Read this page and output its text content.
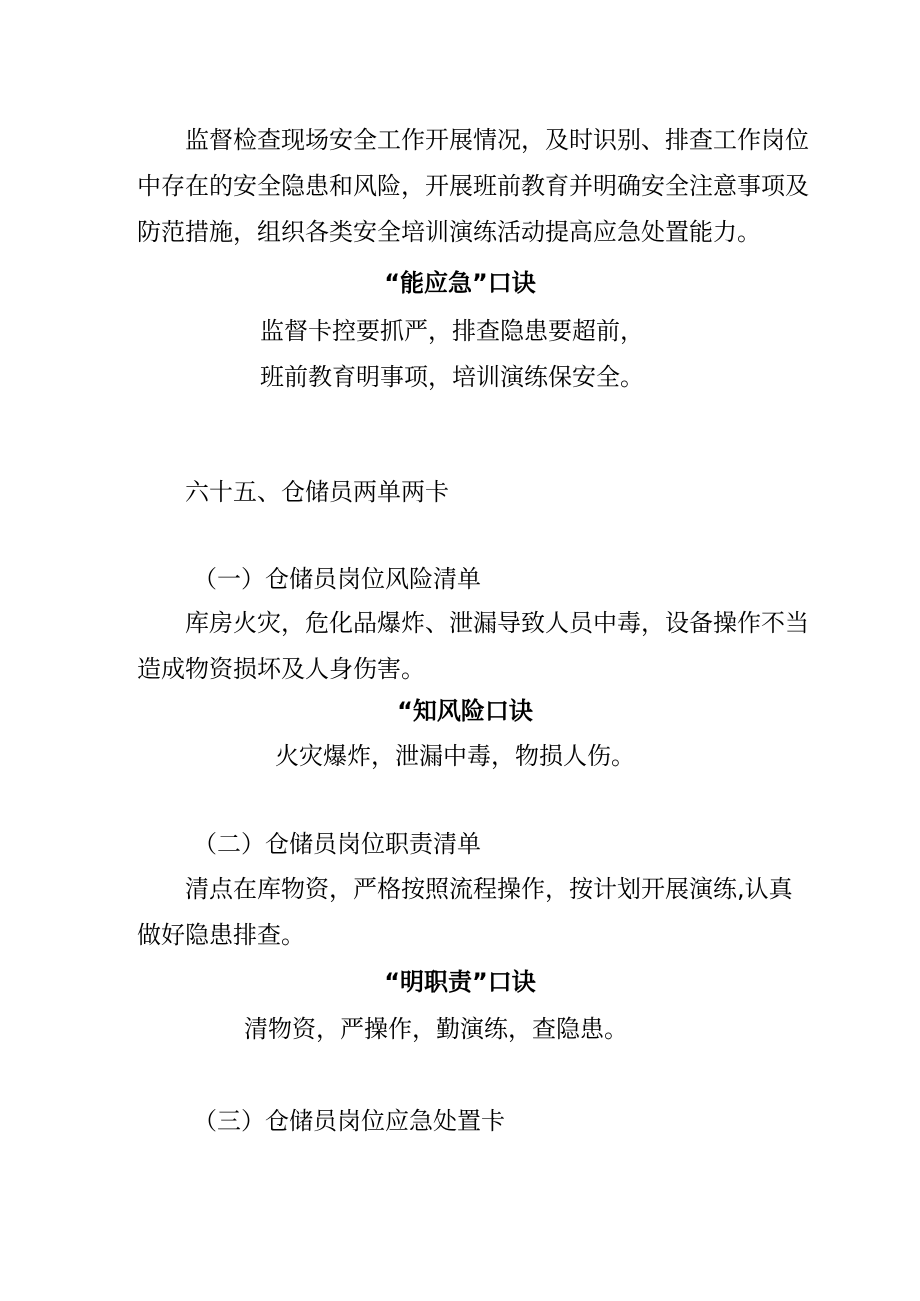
监督检查现场安全工作开展情况，及时识别、排查工作岗位
中存在的安全隐患和风险，开展班前教育并明确安全注意事项及
防范措施，组织各类安全培训演练活动提高应急处置能力。

“能应急”口诀

监督卡控要抓严，排查隐患要超前，

班前教育明事项，培训演练保安全。

六十五、仓储员两单两卡

（一）仓储员岗位风险清单

库房火灾，危化品爆炸、泄漏导致人员中毒，设备操作不当
造成物资损坏及人身伤害。

“知风险口诀

火灾爆炸，泄漏中毒，物损人伤。

（二）仓储员岗位职责清单

清点在库物资，严格按照流程操作，按计划开展演练,认真
做好隐患排查。

“明职责”口诀

清物资，严操作，勤演练，查隐患。

（三）仓储员岗位应急处置卡
